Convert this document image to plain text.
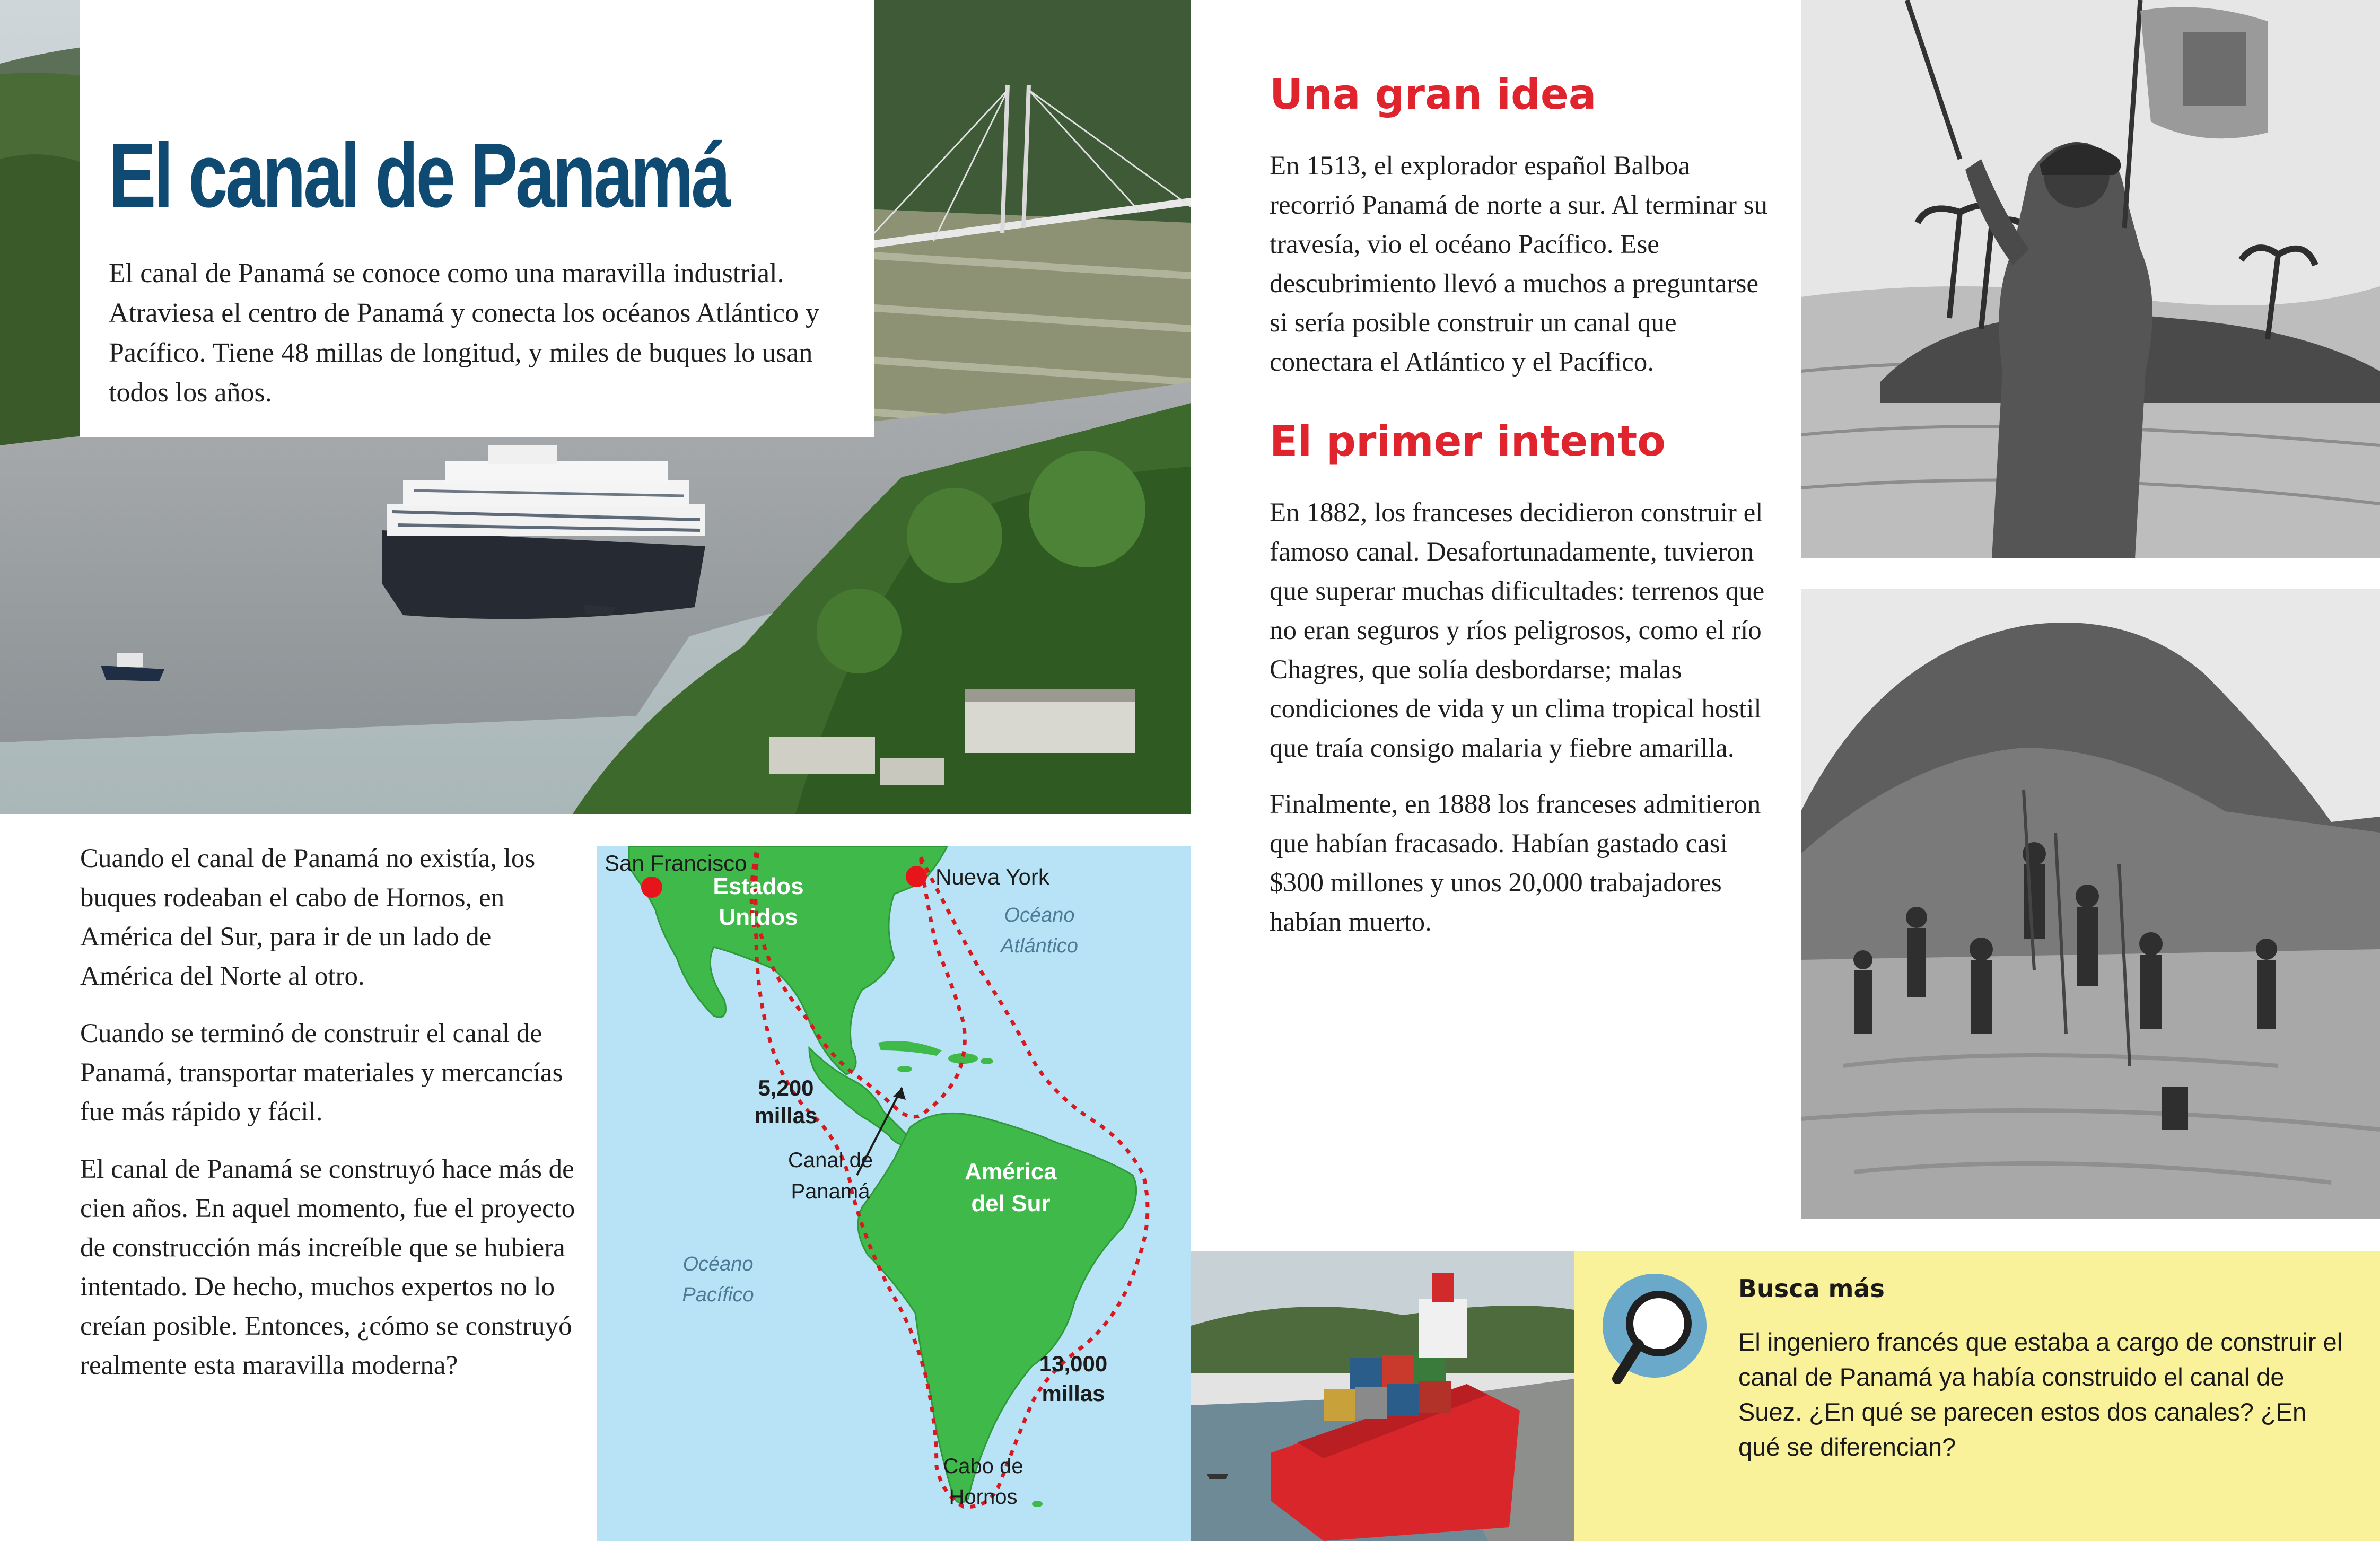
El canal de Panamá
El canal de Panamá se conoce como una maravilla industrial. Atraviesa el centro de Panamá y conecta los océanos Atlántico y Pacífico. Tiene 48 millas de longitud, y miles de buques lo usan todos los años.

Cuando el canal de Panamá no existía, los buques rodeaban el cabo de Hornos, en América del Sur, para ir de un lado de América del Norte al otro.

Cuando se terminó de construir el canal de Panamá, transportar materiales y mercancías fue más rápido y fácil.

El canal de Panamá se construyó hace más de cien años. En aquel momento, fue el proyecto de construcción más increíble que se hubiera intentado. De hecho, muchos expertos no lo creían posible. Entonces, ¿cómo se construyó realmente esta maravilla moderna?

San Francisco
Nueva York
Estados
Unidos	Océano
Atlántico
5,200
millas
Canal de
Panamá
América
del Sur
Océano
Pacífico
13,000
millas
Cabo de
Hornos
Una gran idea

En 1513, el explorador español Balboa recorrió Panamá de norte a sur. Al terminar su travesía, vio el océano Pacífico. Ese descubrimiento llevó a muchos a preguntarse si sería posible construir un canal que conectara el Atlántico y el Pacífico.

El primer intento

En 1882, los franceses decidieron construir el famoso canal. Desafortunadamente, tuvieron que superar muchas dificultades: terrenos que no eran seguros y ríos peligrosos, como el río Chagres, que solía desbordarse; malas condiciones de vida y un clima tropical hostil que traía consigo malaria y fiebre amarilla.

Finalmente, en 1888 los franceses admitieron que habían fracasado. Habían gastado casi $300 millones y unos 20,000 trabajadores habían muerto.

Busca más
El ingeniero francés que estaba a cargo de construir el canal de Panamá ya había construido el canal de Suez. ¿En qué se parecen estos dos canales? ¿En qué se diferencian?
